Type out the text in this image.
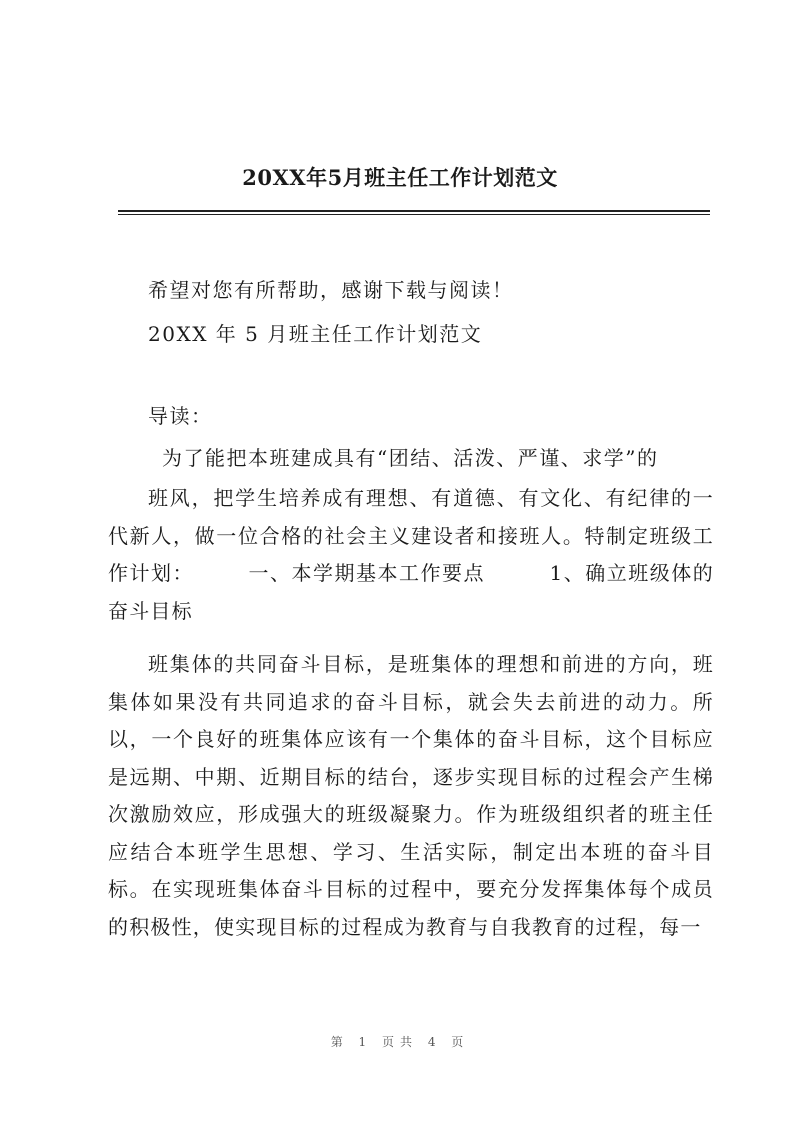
20XX年5月班主任工作计划范文

希望对您有所帮助，感谢下载与阅读！

20XX 年 5 月班主任工作计划范文

导读：

为了能把本班建成具有“团结、活泼、严谨、求学”的

班风，把学生培养成有理想、有道德、有文化、有纪律的一代新人，做一位合格的社会主义建设者和接班人。特制定班级工作计划：　　　一、本学期基本工作要点　　　1、确立班级体的奋斗目标

班集体的共同奋斗目标，是班集体的理想和前进的方向，班集体如果没有共同追求的奋斗目标，就会失去前进的动力。所以，一个良好的班集体应该有一个集体的奋斗目标，这个目标应是远期、中期、近期目标的结台，逐步实现目标的过程会产生梯次激励效应，形成强大的班级凝聚力。作为班级组织者的班主任应结合本班学生思想、学习、生活实际，制定出本班的奋斗目标。在实现班集体奋斗目标的过程中，要充分发挥集体每个成员的积极性，使实现目标的过程成为教育与自我教育的过程，每一

第 1 页共 4 页
